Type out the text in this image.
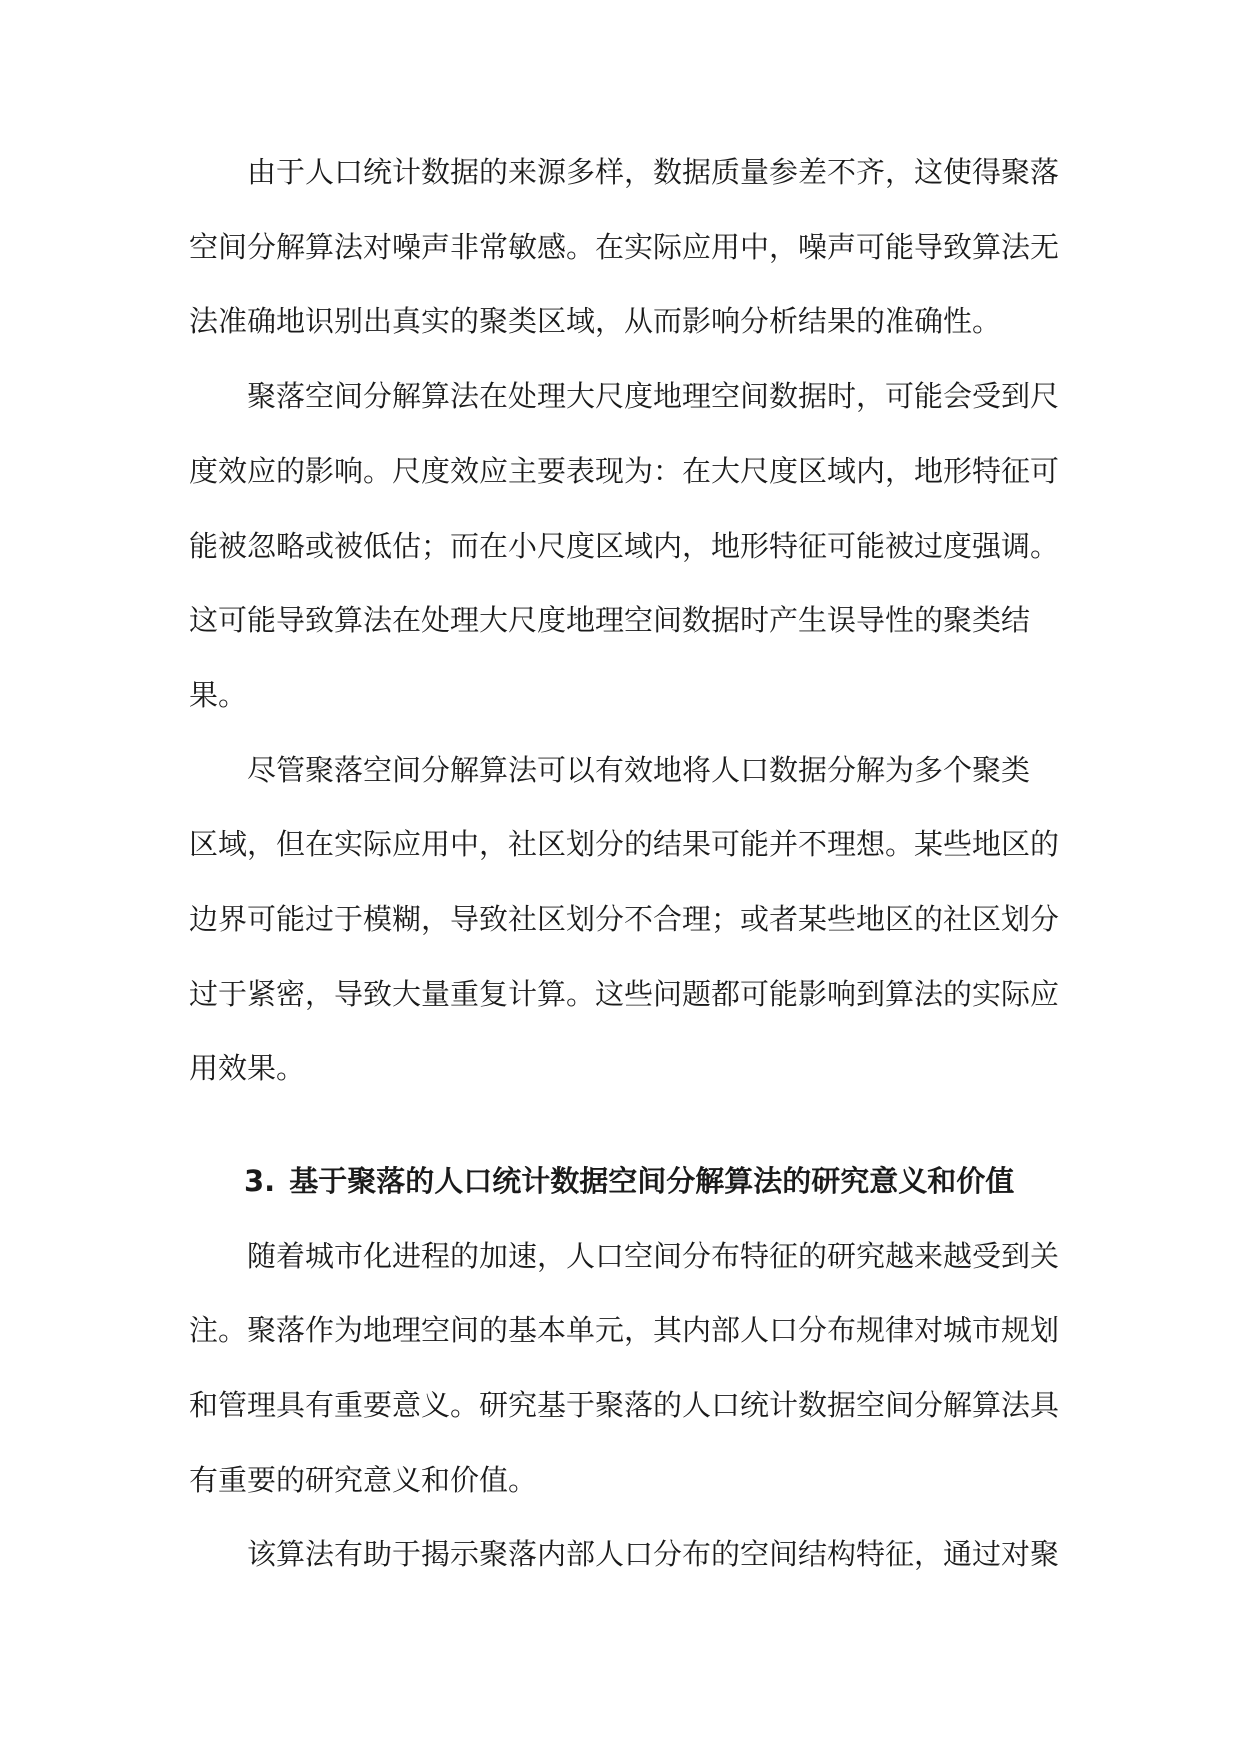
由于人口统计数据的来源多样，数据质量参差不齐，这使得聚落

空间分解算法对噪声非常敏感。在实际应用中，噪声可能导致算法无

法准确地识别出真实的聚类区域，从而影响分析结果的准确性。

聚落空间分解算法在处理大尺度地理空间数据时，可能会受到尺

度效应的影响。尺度效应主要表现为：在大尺度区域内，地形特征可

能被忽略或被低估；而在小尺度区域内，地形特征可能被过度强调。

这可能导致算法在处理大尺度地理空间数据时产生误导性的聚类结

果。

尽管聚落空间分解算法可以有效地将人口数据分解为多个聚类

区域，但在实际应用中，社区划分的结果可能并不理想。某些地区的

边界可能过于模糊，导致社区划分不合理；或者某些地区的社区划分

过于紧密，导致大量重复计算。这些问题都可能影响到算法的实际应

用效果。

3. 基于聚落的人口统计数据空间分解算法的研究意义和价值

随着城市化进程的加速，人口空间分布特征的研究越来越受到关

注。聚落作为地理空间的基本单元，其内部人口分布规律对城市规划

和管理具有重要意义。研究基于聚落的人口统计数据空间分解算法具

有重要的研究意义和价值。

该算法有助于揭示聚落内部人口分布的空间结构特征，通过对聚
